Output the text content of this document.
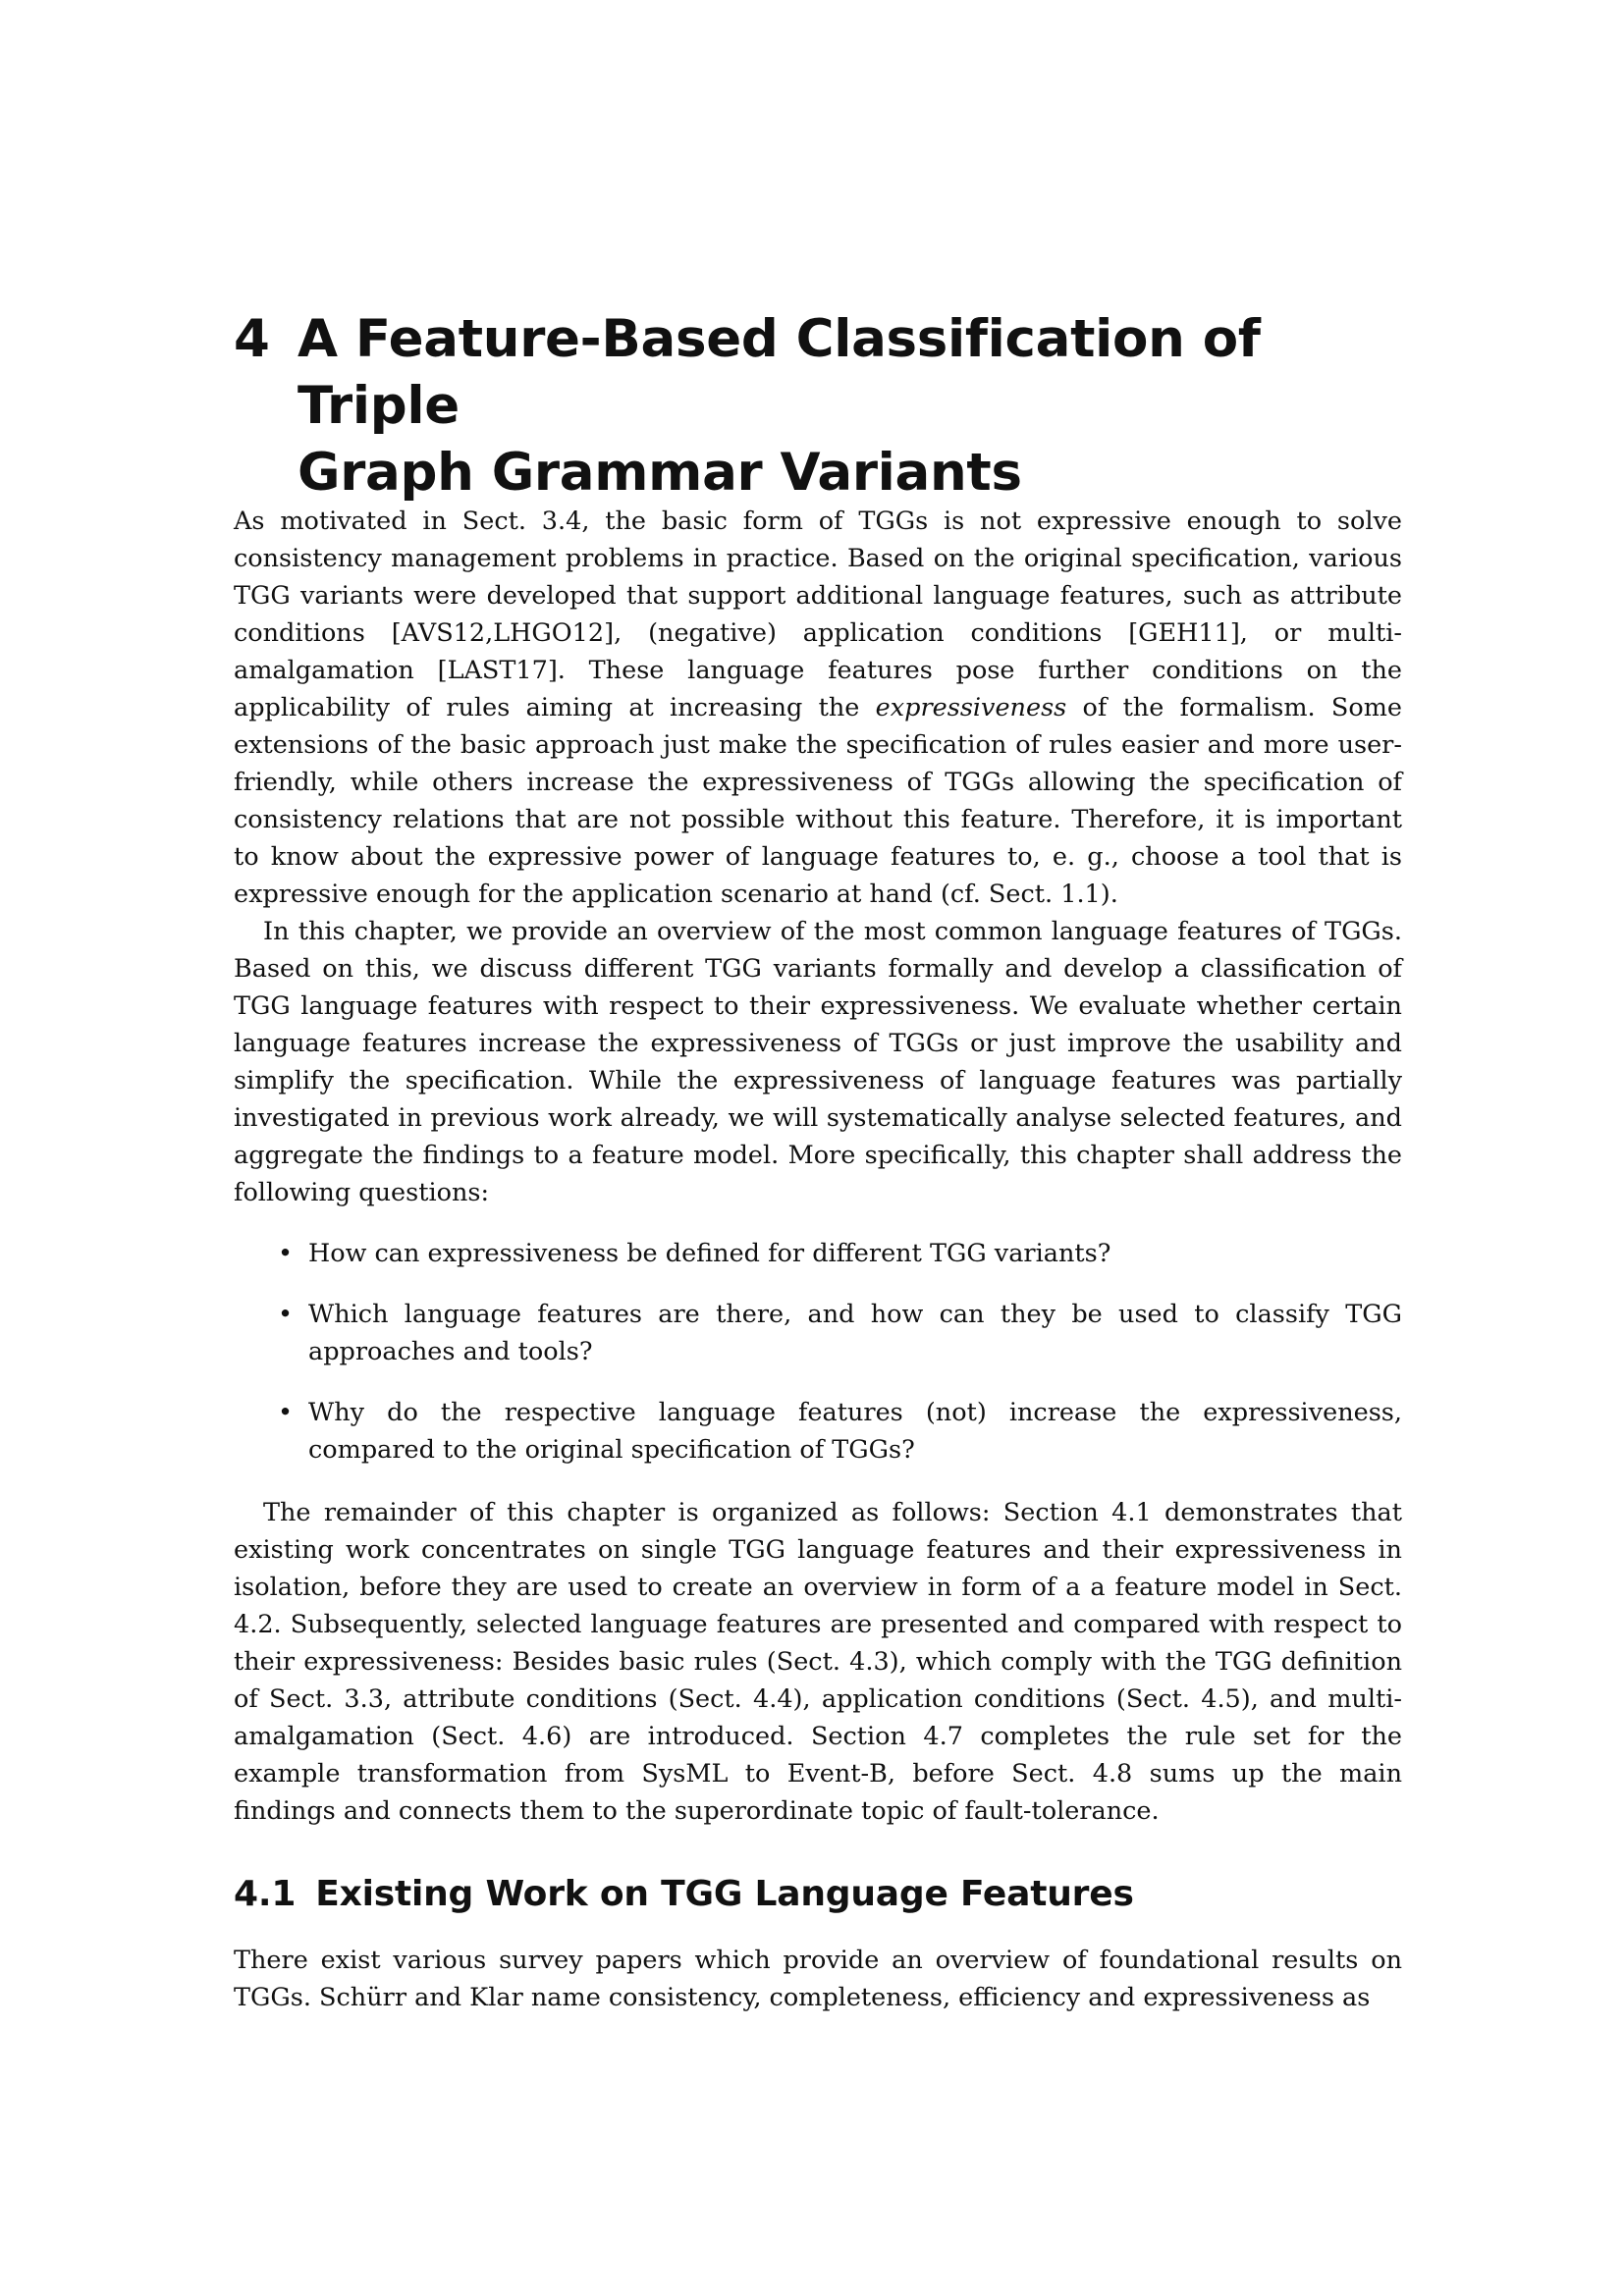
4 A Feature-Based Classification of Triple
Graph Grammar Variants

As motivated in Sect. 3.4, the basic form of TGGs is not expressive enough to solve consistency management problems in practice. Based on the original specification, various TGG variants were developed that support additional language features, such as attribute conditions [AVS12,LHGO12], (negative) application conditions [GEH11], or multi-amalgamation [LAST17]. These language features pose further conditions on the applicability of rules aiming at increasing the expressiveness of the formalism. Some extensions of the basic approach just make the specification of rules easier and more user-friendly, while others increase the expressiveness of TGGs allowing the specification of consistency relations that are not possible without this feature. Therefore, it is important to know about the expressive power of language features to, e. g., choose a tool that is expressive enough for the application scenario at hand (cf. Sect. 1.1).

In this chapter, we provide an overview of the most common language features of TGGs. Based on this, we discuss different TGG variants formally and develop a classification of TGG language features with respect to their expressiveness. We evaluate whether certain language features increase the expressiveness of TGGs or just improve the usability and simplify the specification. While the expressiveness of language features was partially investigated in previous work already, we will systematically analyse selected features, and aggregate the findings to a feature model. More specifically, this chapter shall address the following questions:

• How can expressiveness be defined for different TGG variants?
• Which language features are there, and how can they be used to classify TGG approaches and tools?
• Why do the respective language features (not) increase the expressiveness, compared to the original specification of TGGs?

The remainder of this chapter is organized as follows: Section 4.1 demonstrates that existing work concentrates on single TGG language features and their expressiveness in isolation, before they are used to create an overview in form of a a feature model in Sect. 4.2. Subsequently, selected language features are presented and compared with respect to their expressiveness: Besides basic rules (Sect. 4.3), which comply with the TGG definition of Sect. 3.3, attribute conditions (Sect. 4.4), application conditions (Sect. 4.5), and multi-amalgamation (Sect. 4.6) are introduced. Section 4.7 completes the rule set for the example transformation from SysML to Event-B, before Sect. 4.8 sums up the main findings and connects them to the superordinate topic of fault-tolerance.

4.1 Existing Work on TGG Language Features

There exist various survey papers which provide an overview of foundational results on TGGs. Schürr and Klar name consistency, completeness, efficiency and expressiveness as
